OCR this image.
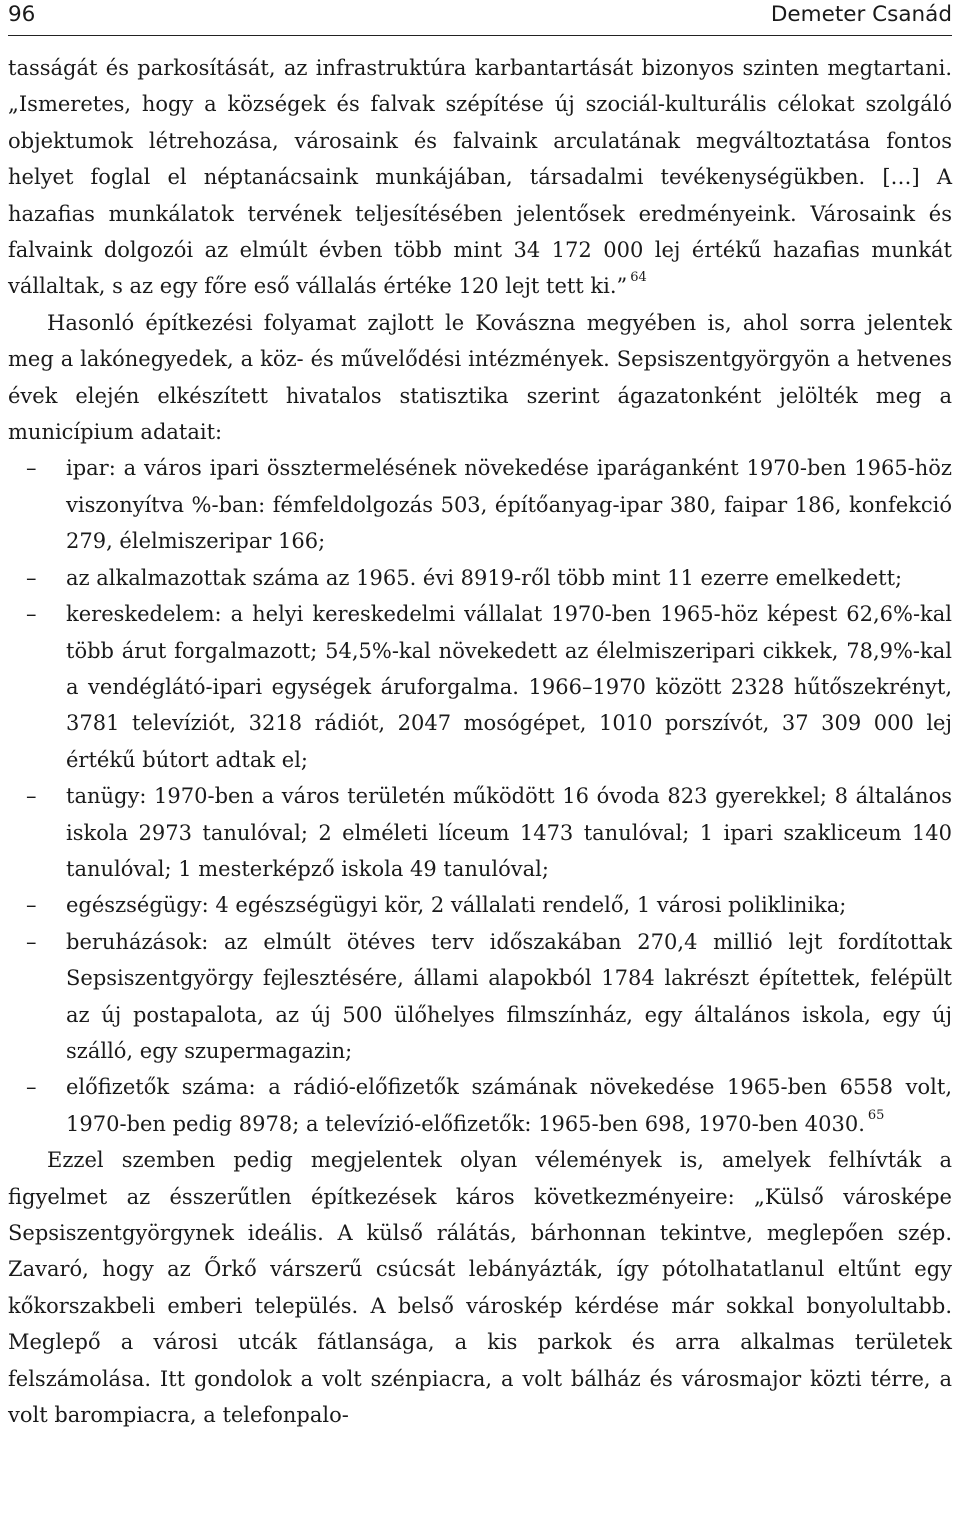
96	Demeter Csanád

tasságát és parkosítását, az infrastruktúra karbantartását bizonyos szinten megtartani. „Ismeretes, hogy a községek és falvak szépítése új szociál-kulturális célokat szolgáló objektumok létrehozása, városaink és falvaink arculatának megváltoztatása fontos helyet foglal el néptanácsaink munkájában, társadalmi tevékenységükben. […] A hazafias munkálatok tervének teljesítésében jelentősek eredményeink. Városaink és falvaink dolgozói az elmúlt évben több mint 34 172 000 lej értékű hazafias munkát vállaltak, s az egy főre eső vállalás értéke 120 lejt tett ki.” $^{64}$

Hasonló építkezési folyamat zajlott le Kovászna megyében is, ahol sorra jelentek meg a lakónegyedek, a köz- és művelődési intézmények. Sepsiszentgyörgyön a hetvenes évek elején elkészített hivatalos statisztika szerint ágazatonként jelölték meg a municípium adatait:

– ipar: a város ipari össztermelésének növekedése iparáganként 1970-ben 1965-höz viszonyítva %-ban: fémfeldolgozás 503, építőanyag-ipar 380, faipar 186, konfekció 279, élelmiszeripar 166;
– az alkalmazottak száma az 1965. évi 8919-ről több mint 11 ezerre emelkedett;
– kereskedelem: a helyi kereskedelmi vállalat 1970-ben 1965-höz képest 62,6%-kal több árut forgalmazott; 54,5%-kal növekedett az élelmiszeripari cikkek, 78,9%-kal a vendéglátó-ipari egységek áruforgalma. 1966–1970 között 2328 hűtőszekrényt, 3781 televíziót, 3218 rádiót, 2047 mosógépet, 1010 porszívót, 37 309 000 lej értékű bútort adtak el;
– tanügy: 1970-ben a város területén működött 16 óvoda 823 gyerekkel; 8 általános iskola 2973 tanulóval; 2 elméleti líceum 1473 tanulóval; 1 ipari szakliceum 140 tanulóval; 1 mesterképző iskola 49 tanulóval;
– egészségügy: 4 egészségügyi kör, 2 vállalati rendelő, 1 városi poliklinika;
– beruházások: az elmúlt ötéves terv időszakában 270,4 millió lejt fordítottak Sepsiszentgyörgy fejlesztésére, állami alapokból 1784 lakrészt építettek, felépült az új postapalota, az új 500 ülőhelyes filmszínház, egy általános iskola, egy új szálló, egy szupermagazin;
– előfizetők száma: a rádió-előfizetők számának növekedése 1965-ben 6558 volt, 1970-ben pedig 8978; a televízió-előfizetők: 1965-ben 698, 1970-ben 4030. $^{65}$

Ezzel szemben pedig megjelentek olyan vélemények is, amelyek felhívták a figyelmet az ésszerűtlen építkezések káros következményeire: „Külső városképe Sepsiszentgyörgynek ideális. A külső rálátás, bárhonnan tekintve, meglepően szép. Zavaró, hogy az Őrkő várszerű csúcsát lebányázták, így pótolhatatlanul eltűnt egy kőkorszakbeli emberi település. A belső városkép kérdése már sokkal bonyolultabb. Meglepő a városi utcák fátlansága, a kis parkok és arra alkalmas területek felszámolása. Itt gondolok a volt szénpiacra, a volt bálház és városmajor közti térre, a volt barompiacra, a telefonpalo-
